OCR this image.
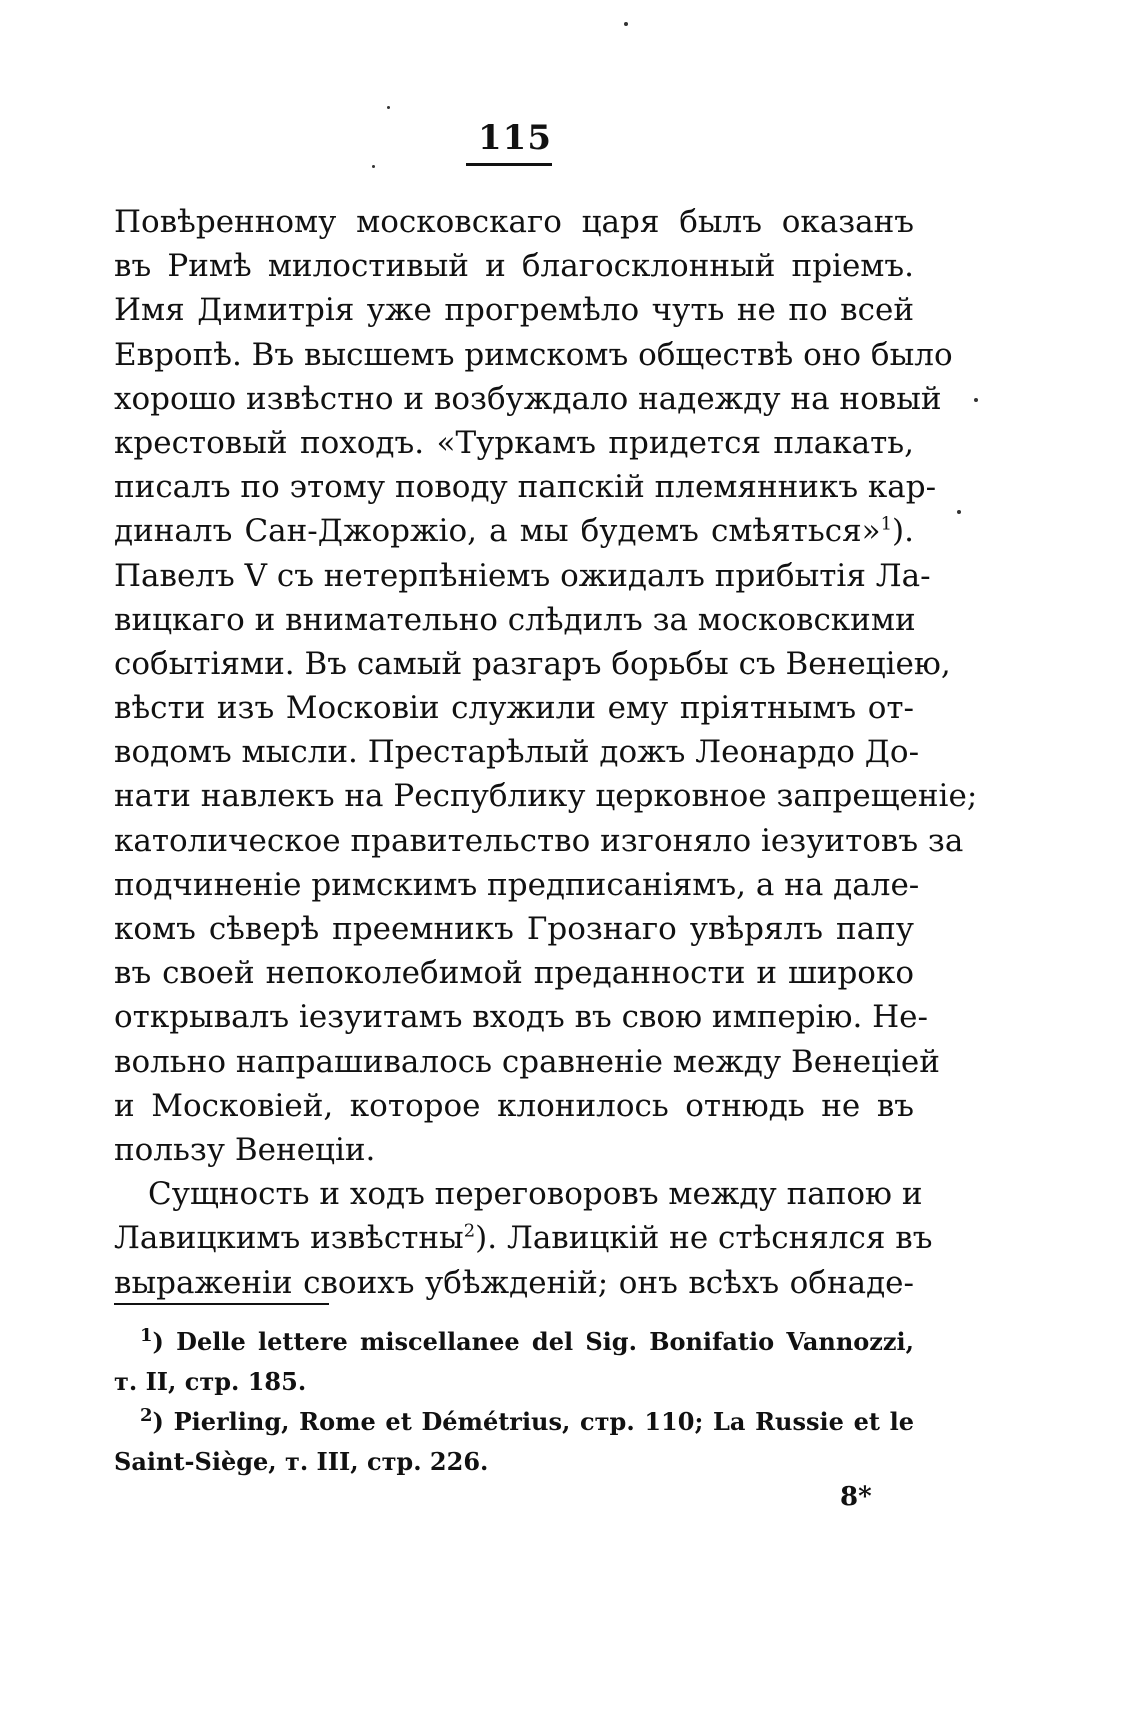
115
Повѣренному московскаго царя былъ оказанъ
въ Римѣ милостивый и благосклонный пріемъ.
Имя Димитрія уже прогремѣло чуть не по всей
Европѣ. Въ высшемъ римскомъ обществѣ оно было
хорошо извѣстно и возбуждало надежду на новый
крестовый походъ. «Туркамъ придется плакать,
писалъ по этому поводу папскій племянникъ кар-
диналъ Сан-Джоржіо, а мы будемъ смѣяться»$^1$).
Павелъ V съ нетерпѣніемъ ожидалъ прибытія Ла-
вицкаго и внимательно слѣдилъ за московскими
событіями. Въ самый разгаръ борьбы съ Венеціею,
вѣсти изъ Московіи служили ему пріятнымъ от-
водомъ мысли. Престарѣлый дожъ Леонардо До-
нати навлекъ на Республику церковное запрещеніе;
католическое правительство изгоняло іезуитовъ за
подчиненіе римскимъ предписаніямъ, а на далe-
комъ сѣверѣ преемникъ Грознаго увѣрялъ папу
въ своей непоколебимой преданности и широко
открывалъ іезуитамъ входъ въ свою имперію. Не-
вольно напрашивалось сравненіе между Венеціей
и Московіей, которое клонилось отнюдь не въ
пользу Венеціи.
Сущность и ходъ переговоровъ между папою и
Лавицкимъ извѣстны$^2$). Лавицкій не стѣснялся въ
выраженіи своихъ убѣжденій; онъ всѣхъ обнаде-
$^1$) Delle lettere miscellanee del Sig. Bonifatio Vannozzi,
т. II, стр. 185.
$^2$) Pierling, Rome et Démétrius, стр. 110; La Russie et le
Saint-Siège, т. III, стр. 226.
8*
